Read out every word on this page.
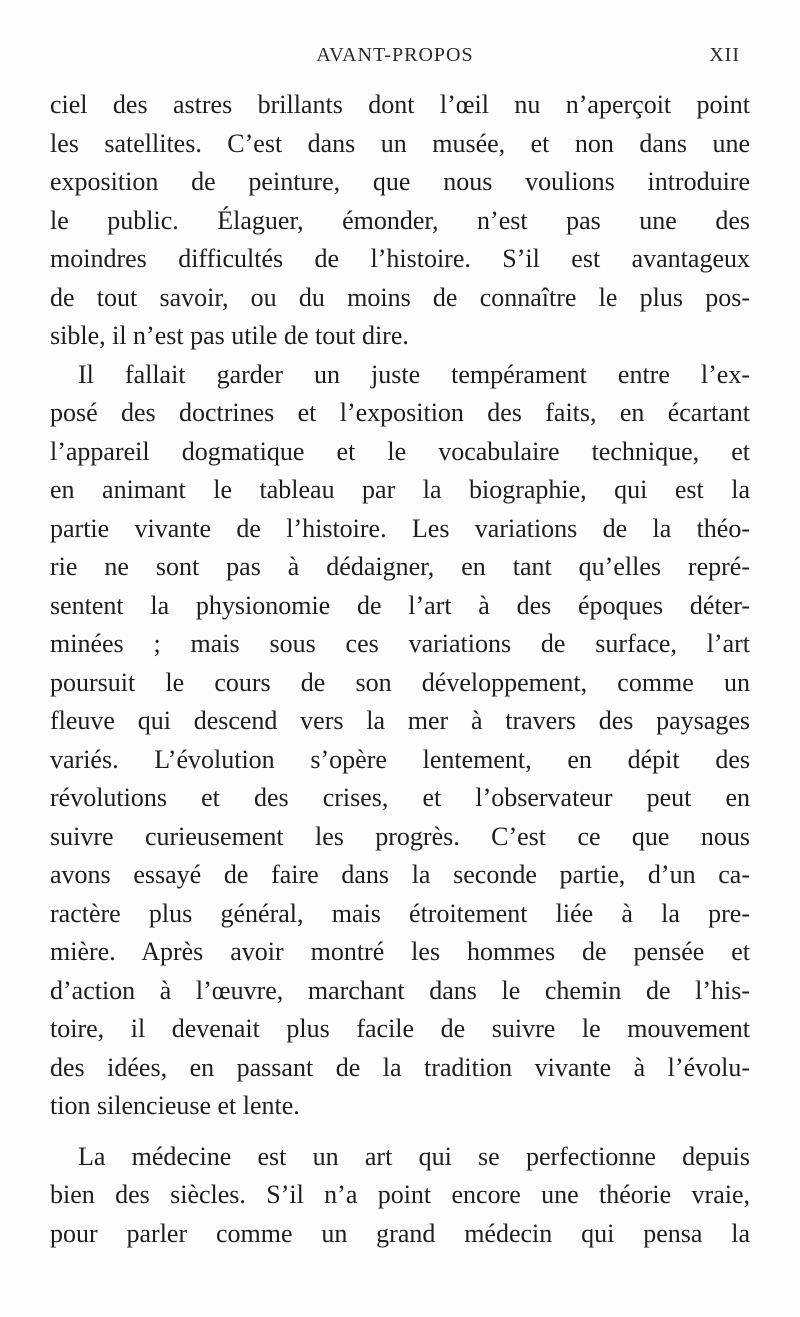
AVANT-PROPOS	XII
ciel des astres brillants dont l’œil nu n’aperçoit point
les satellites. C’est dans un musée, et non dans une
exposition de peinture, que nous voulions introduire
le public. Élaguer, émonder, n’est pas une des
moindres difficultés de l’histoire. S’il est avantageux
de tout savoir, ou du moins de connaître le plus pos-
sible, il n’est pas utile de tout dire.
Il fallait garder un juste tempérament entre l’ex-
posé des doctrines et l’exposition des faits, en écartant
l’appareil dogmatique et le vocabulaire technique, et
en animant le tableau par la biographie, qui est la
partie vivante de l’histoire. Les variations de la théo-
rie ne sont pas à dédaigner, en tant qu’elles repré-
sentent la physionomie de l’art à des époques déter-
minées ; mais sous ces variations de surface, l’art
poursuit le cours de son développement, comme un
fleuve qui descend vers la mer à travers des paysages
variés. L’évolution s’opère lentement, en dépit des
révolutions et des crises, et l’observateur peut en
suivre curieusement les progrès. C’est ce que nous
avons essayé de faire dans la seconde partie, d’un ca-
ractère plus général, mais étroitement liée à la pre-
mière. Après avoir montré les hommes de pensée et
d’action à l’œuvre, marchant dans le chemin de l’his-
toire, il devenait plus facile de suivre le mouvement
des idées, en passant de la tradition vivante à l’évolu-
tion silencieuse et lente.
La médecine est un art qui se perfectionne depuis
bien des siècles. S’il n’a point encore une théorie vraie,
pour parler comme un grand médecin qui pensa la
